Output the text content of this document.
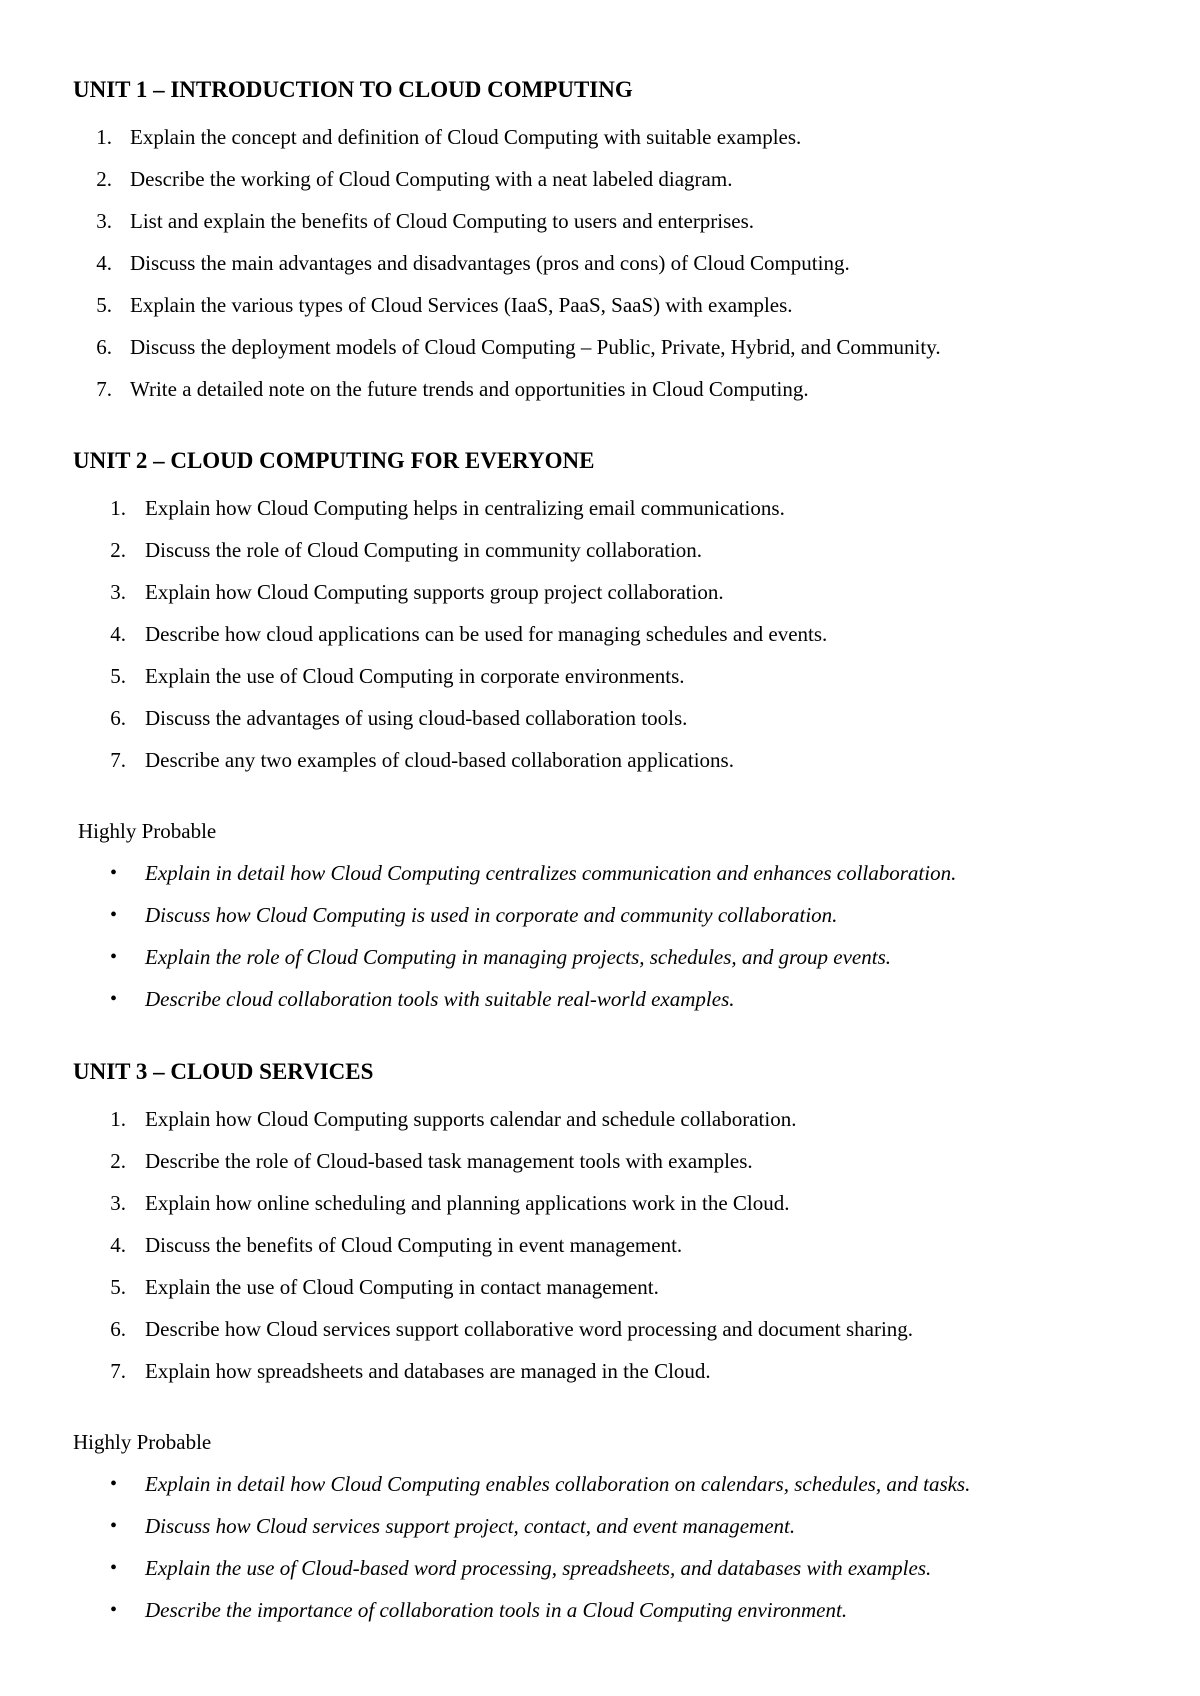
UNIT 1 – INTRODUCTION TO CLOUD COMPUTING
1. Explain the concept and definition of Cloud Computing with suitable examples.
2. Describe the working of Cloud Computing with a neat labeled diagram.
3. List and explain the benefits of Cloud Computing to users and enterprises.
4. Discuss the main advantages and disadvantages (pros and cons) of Cloud Computing.
5. Explain the various types of Cloud Services (IaaS, PaaS, SaaS) with examples.
6. Discuss the deployment models of Cloud Computing – Public, Private, Hybrid, and Community.
7. Write a detailed note on the future trends and opportunities in Cloud Computing.
UNIT 2 – CLOUD COMPUTING FOR EVERYONE
1. Explain how Cloud Computing helps in centralizing email communications.
2. Discuss the role of Cloud Computing in community collaboration.
3. Explain how Cloud Computing supports group project collaboration.
4. Describe how cloud applications can be used for managing schedules and events.
5. Explain the use of Cloud Computing in corporate environments.
6. Discuss the advantages of using cloud-based collaboration tools.
7. Describe any two examples of cloud-based collaboration applications.

Highly Probable

• Explain in detail how Cloud Computing centralizes communication and enhances collaboration.
• Discuss how Cloud Computing is used in corporate and community collaboration.
• Explain the role of Cloud Computing in managing projects, schedules, and group events.
• Describe cloud collaboration tools with suitable real-world examples.
UNIT 3 – CLOUD SERVICES
1. Explain how Cloud Computing supports calendar and schedule collaboration.
2. Describe the role of Cloud-based task management tools with examples.
3. Explain how online scheduling and planning applications work in the Cloud.
4. Discuss the benefits of Cloud Computing in event management.
5. Explain the use of Cloud Computing in contact management.
6. Describe how Cloud services support collaborative word processing and document sharing.
7. Explain how spreadsheets and databases are managed in the Cloud.

Highly Probable

• Explain in detail how Cloud Computing enables collaboration on calendars, schedules, and tasks.
• Discuss how Cloud services support project, contact, and event management.
• Explain the use of Cloud-based word processing, spreadsheets, and databases with examples.
• Describe the importance of collaboration tools in a Cloud Computing environment.
